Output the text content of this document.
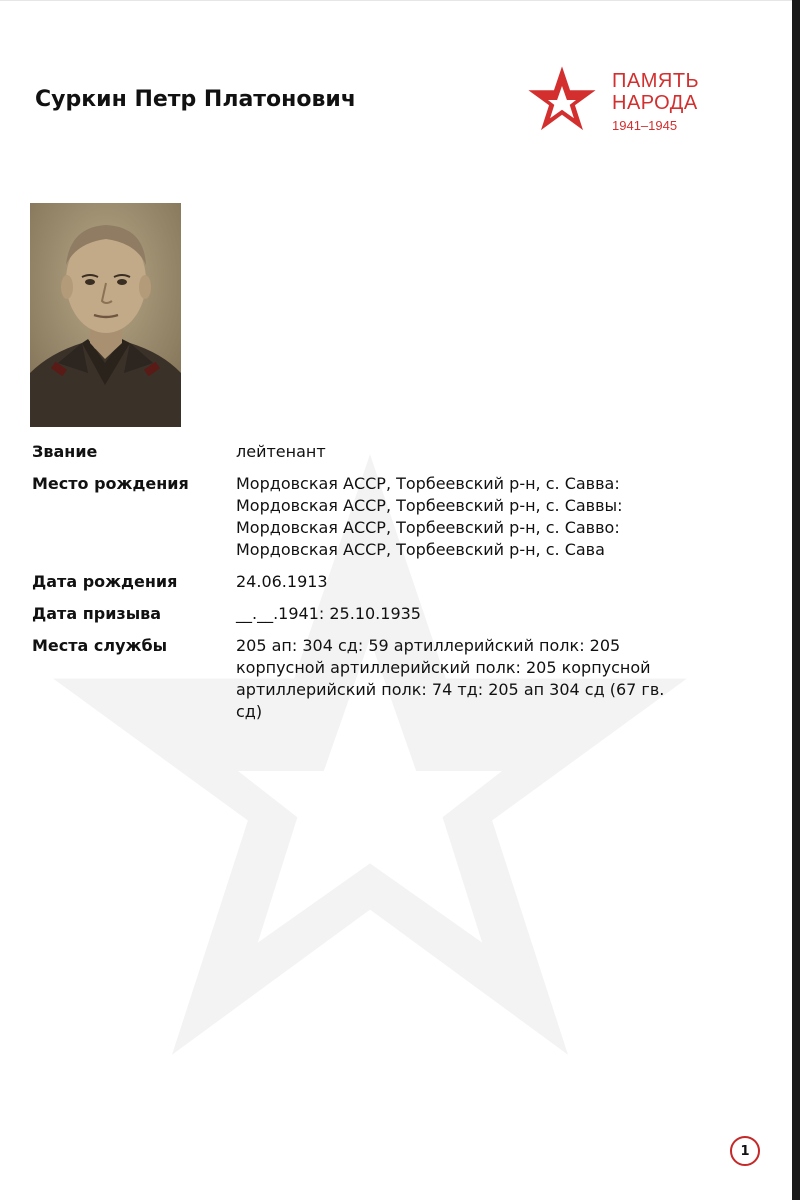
Суркин Петр Платонович
ПАМЯТЬ
НАРОДА
1941–1945
Звание	лейтенант
Место рождения	Мордовская АССР, Торбеевский р-н, с. Савва:
Мордовская АССР, Торбеевский р-н, с. Саввы:
Мордовская АССР, Торбеевский р-н, с. Савво:
Мордовская АССР, Торбеевский р-н, с. Сава
Дата рождения	24.06.1913
Дата призыва	__.__.1941: 25.10.1935
Места службы	205 ап: 304 сд: 59 артиллерийский полк: 205 корпусной артиллерийский полк: 205 корпусной артиллерийский полк: 74 тд: 205 ап 304 сд (67 гв. сд)
1
